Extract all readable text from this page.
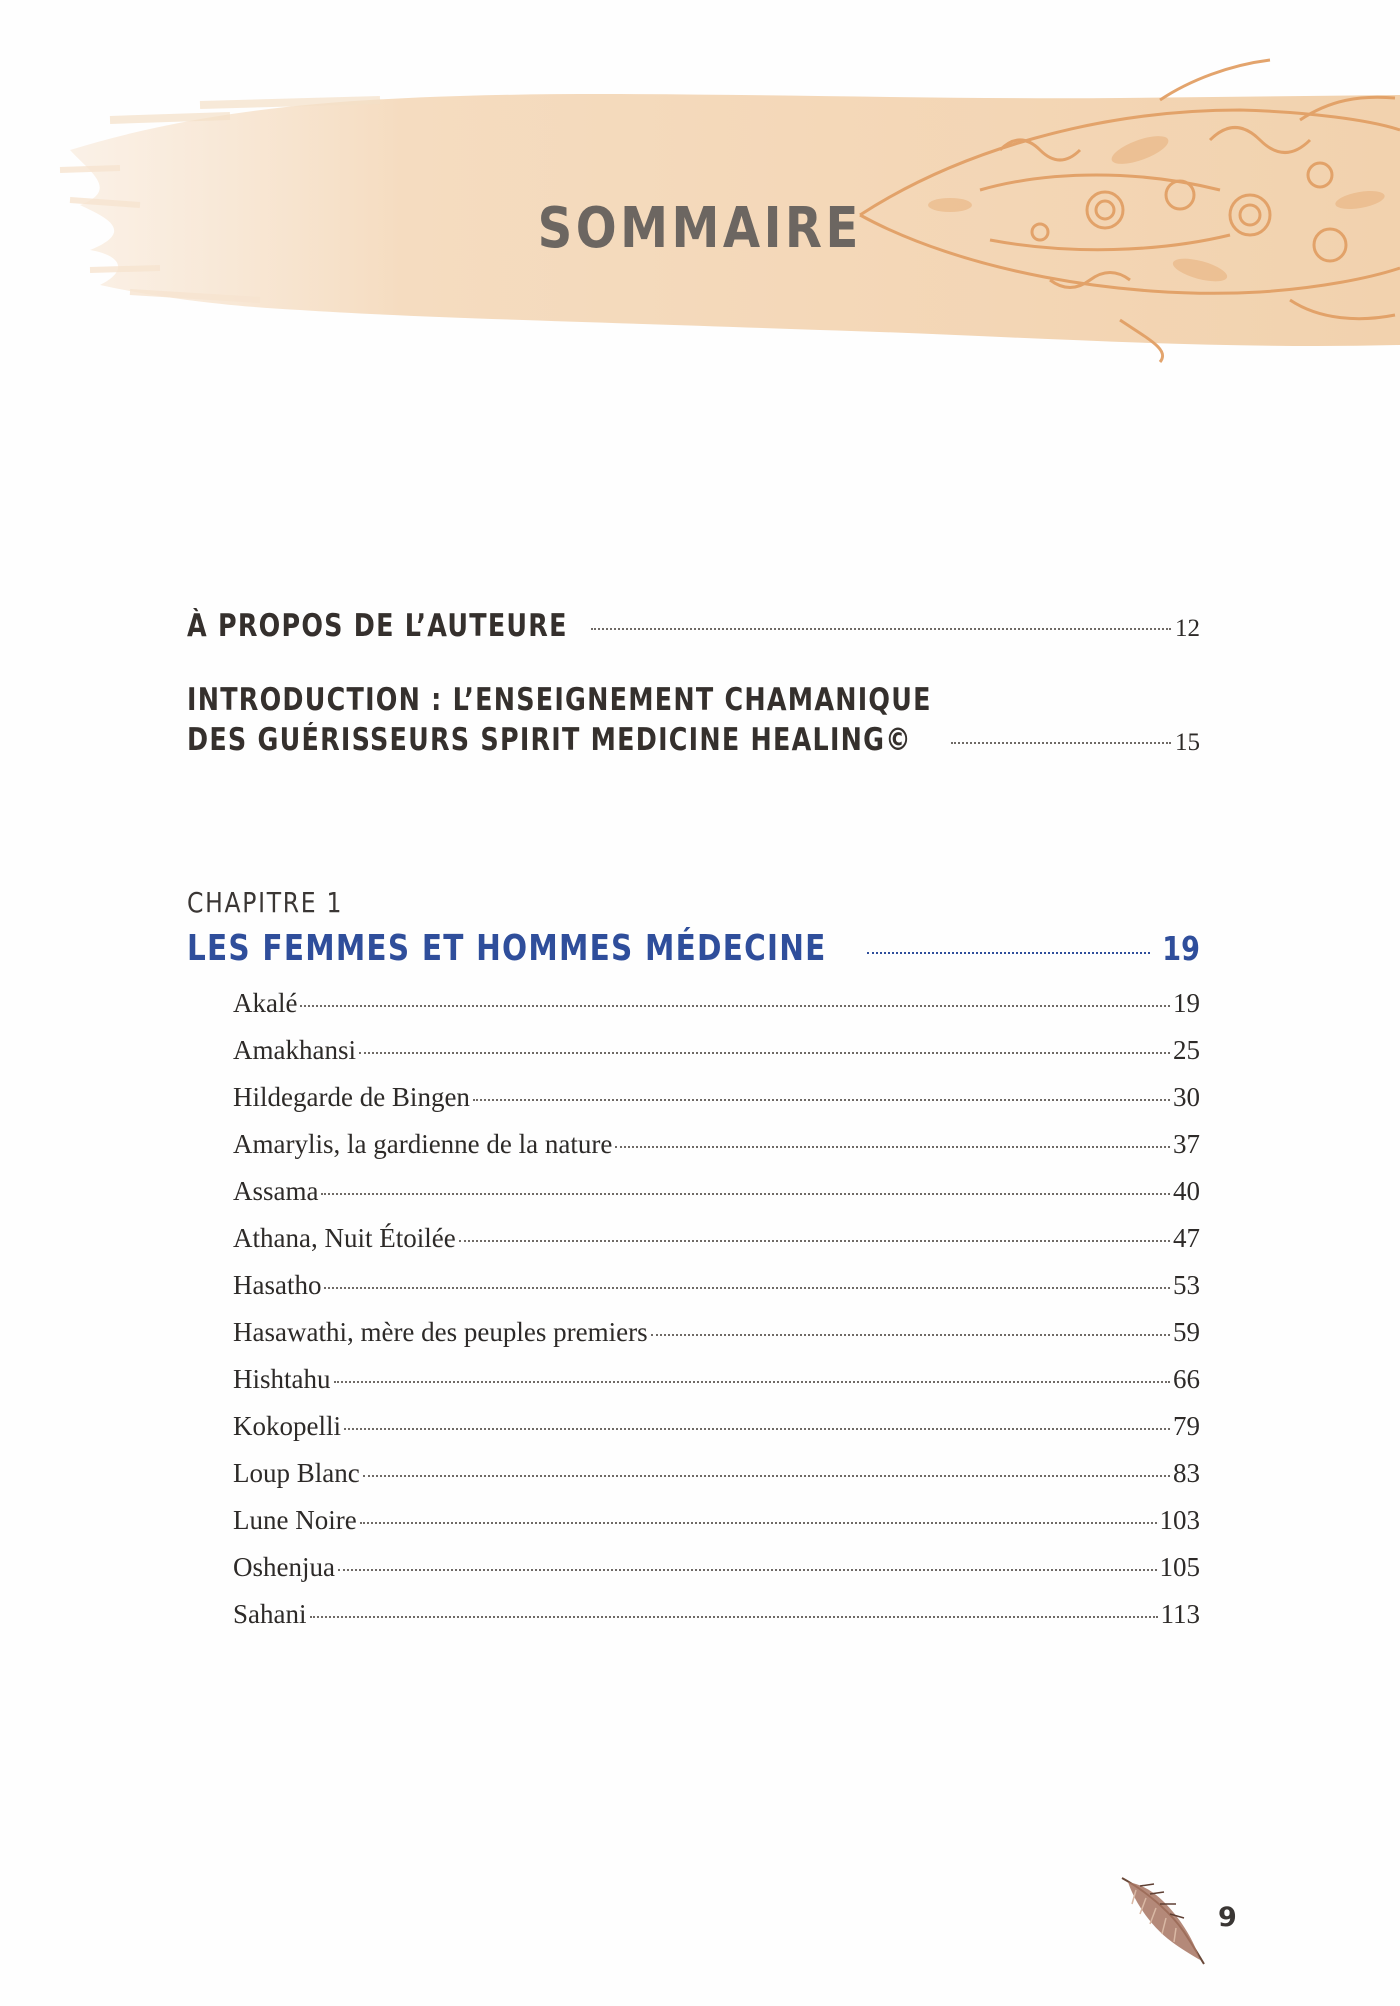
SOMMAIRE
À PROPOS DE L’AUTEURE	12
INTRODUCTION : L’ENSEIGNEMENT CHAMANIQUE
DES GUÉRISSEURS SPIRIT MEDICINE HEALING©	15
CHAPITRE 1
LES FEMMES ET HOMMES MÉDECINE	19
Akalé	19
Amakhansi	25
Hildegarde de Bingen	30
Amarylis, la gardienne de la nature	37
Assama	40
Athana, Nuit Étoilée	47
Hasatho	53
Hasawathi, mère des peuples premiers	59
Hishtahu	66
Kokopelli	79
Loup Blanc	83
Lune Noire	103
Oshenjua	105
Sahani	113
9
